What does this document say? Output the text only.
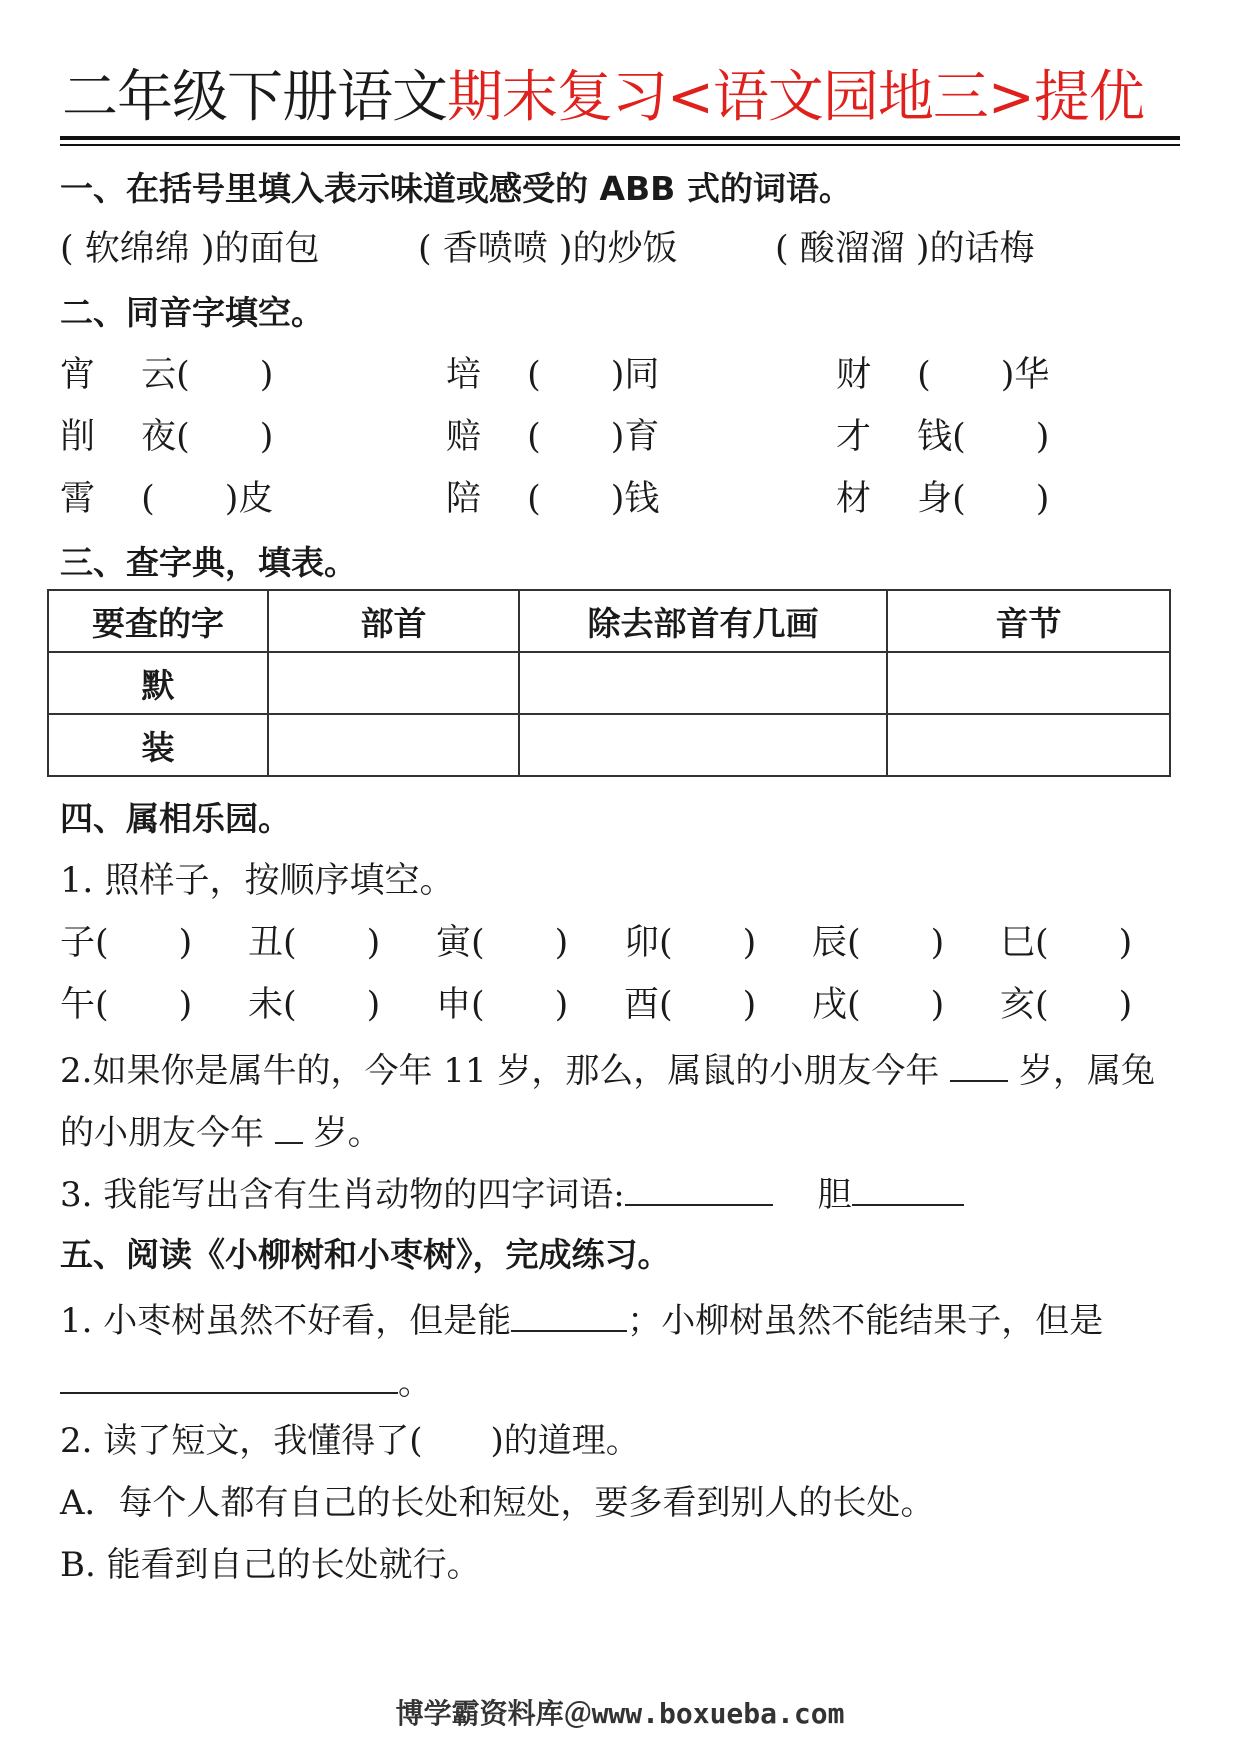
二年级下册语文期末复习<语文园地三>提优
一、在括号里填入表示味道或感受的 ABB 式的词语。
( 软绵绵 )的面包	( 香喷喷 )的炒饭	( 酸溜溜 )的话梅
二、同音字填空。
宵　 云(　　)	培　 (　　)同	财　 (　　)华
削　 夜(　　)	赔　 (　　)育	才　 钱(　　)
霄　 (　　)皮	陪　 (　　)钱	材　 身(　　)
三、查字典，填表。
要查的字	部首	除去部首有几画	音节
默			
装			
四、属相乐园。
1. 照样子，按顺序填空。
子(　　) 丑(　　) 寅(　　) 卯(　　) 辰(　　) 巳(　　)
午(　　) 未(　　) 申(　　) 酉(　　) 戌(　　) 亥(　　)
2.如果你是属牛的，今年 11 岁，那么，属鼠的小朋友今年 岁，属兔
的小朋友今年 岁。
3. 我能写出含有生肖动物的四字词语:	胆
五、阅读《小柳树和小枣树》，完成练习。
1. 小枣树虽然不好看，但是能	；小柳树虽然不能结果子，但是
。
2. 读了短文，我懂得了(　　)的道理。
A．每个人都有自己的长处和短处，要多看到别人的长处。
B. 能看到自己的长处就行。
博学霸资料库＠www.boxueba.com
